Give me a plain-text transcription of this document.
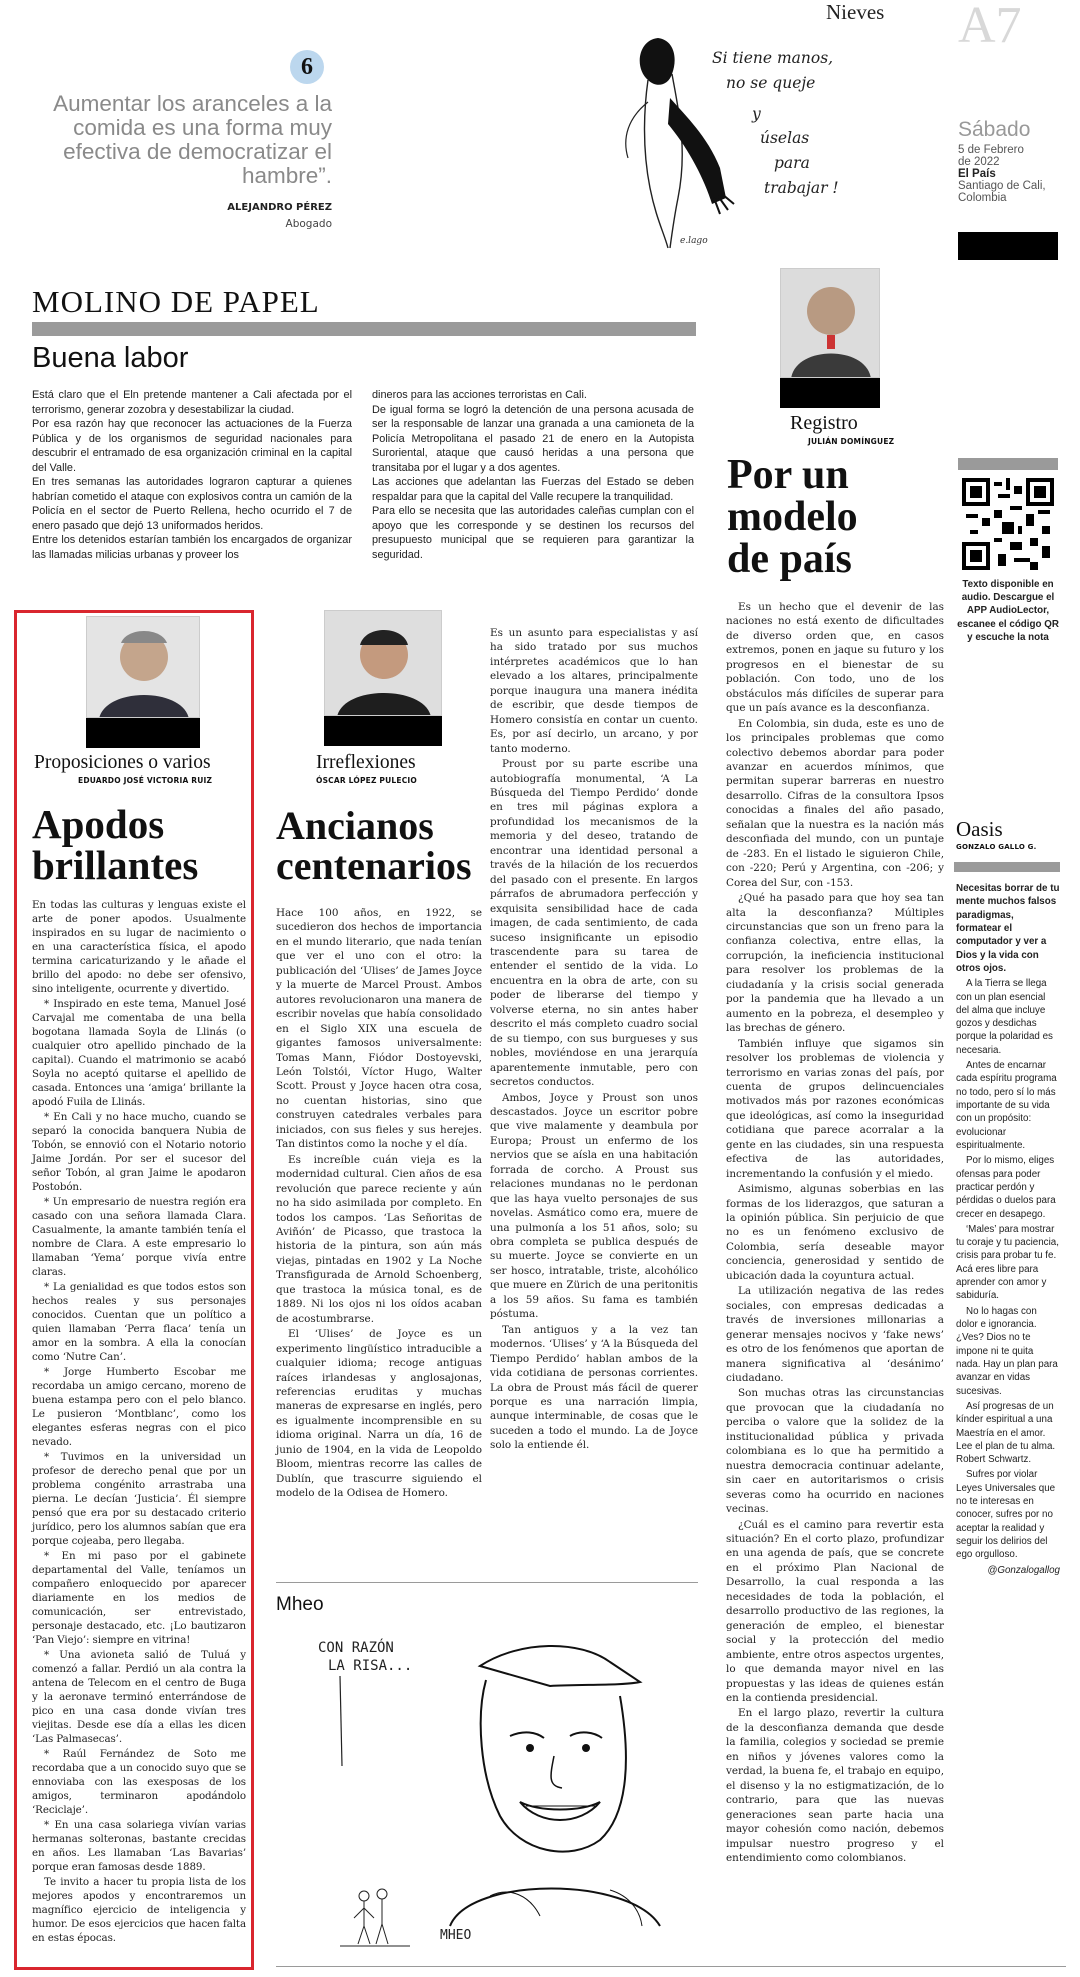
Nieves A7
6
Aumentar los aranceles a la comida es una forma muy efectiva de democratizar el hambre”.
ALEJANDRO PÉREZ
Abogado
Si tiene manos,
no se queje
y
úselas
para
trabajar !
e.lago
Sábado
5 de Febrero
de 2022
El País
Santiago de Cali,
Colombia
MOLINO DE PAPEL
Buena labor
Está claro que el Eln pretende mantener a Cali afectada por el terrorismo, generar zozobra y desestabilizar la ciudad.
Por esa razón hay que reconocer las actuaciones de la Fuerza Pública y de los organismos de seguridad nacionales para descubrir el entramado de esa organización criminal en la capital del Valle.
En tres semanas las autoridades lograron capturar a quienes habrían cometido el ataque con explosivos contra un camión de la Policía en el sector de Puerto Rellena, hecho ocurrido el 7 de enero pasado que dejó 13 uniformados heridos.
Entre los detenidos estarían también los encargados de organizar las llamadas milicias urbanas y proveer los
dineros para las acciones terroristas en Cali.
De igual forma se logró la detención de una persona acusada de ser la responsable de lanzar una granada a una camioneta de la Policía Metropolitana el pasado 21 de enero en la Autopista Suroriental, ataque que causó heridas a una persona que transitaba por el lugar y a dos agentes.
Las acciones que adelantan las Fuerzas del Estado se deben respaldar para que la capital del Valle recupere la tranquilidad.
Para ello se necesita que las autoridades caleñas cumplan con el apoyo que les corresponde y se destinen los recursos del presupuesto municipal que se requieren para garantizar la seguridad.
Registro
JULIÁN DOMÍNGUEZ
Por un modelo de país

Es un hecho que el devenir de las naciones no está exento de dificultades de diverso orden que, en casos extremos, ponen en jaque su futuro y los progresos en el bienestar de su población. Con todo, uno de los obstáculos más difíciles de superar para que un país avance es la desconfianza.

En Colombia, sin duda, este es uno de los principales problemas que como colectivo debemos abordar para poder avanzar en acuerdos mínimos, que permitan superar barreras en nuestro desarrollo. Cifras de la consultora Ipsos conocidas a finales del año pasado, señalan que la nuestra es la nación más desconfiada del mundo, con un puntaje de -283. En el listado le siguieron Chile, con -220; Perú y Argentina, con -206; y Corea del Sur, con -153.

¿Qué ha pasado para que hoy sea tan alta la desconfianza? Múltiples circunstancias que son un freno para la confianza colectiva, entre ellas, la corrupción, la ineficiencia institucional para resolver los problemas de la ciudadanía y la crisis social generada por la pandemia que ha llevado a un aumento en la pobreza, el desempleo y las brechas de género.

También influye que sigamos sin resolver los problemas de violencia y terrorismo en varias zonas del país, por cuenta de grupos delincuenciales motivados más por razones económicas que ideológicas, así como la inseguridad cotidiana que parece acorralar a la gente en las ciudades, sin una respuesta efectiva de las autoridades, incrementando la confusión y el miedo.

Asimismo, algunas soberbias en las formas de los liderazgos, que saturan a la opinión pública. Sin perjuicio de que no es un fenómeno exclusivo de Colombia, sería deseable mayor conciencia, generosidad y sentido de ubicación dada la coyuntura actual.

La utilización negativa de las redes sociales, con empresas dedicadas a través de inversiones millonarias a generar mensajes nocivos y ‘fake news’ es otro de los fenómenos que aportan de manera significativa al ‘desánimo’ ciudadano.

Son muchas otras las circunstancias que provocan que la ciudadanía no perciba o valore que la solidez de la institucionalidad pública y privada colombiana es lo que ha permitido a nuestra democracia continuar adelante, sin caer en autoritarismos o crisis severas como ha ocurrido en naciones vecinas.

¿Cuál es el camino para revertir esta situación? En el corto plazo, profundizar en una agenda de país, que se concrete en el próximo Plan Nacional de Desarrollo, la cual responda a las necesidades de toda la población, el desarrollo productivo de las regiones, la generación de empleo, el bienestar social y la protección del medio ambiente, entre otros aspectos urgentes, lo que demanda mayor nivel en las propuestas y las ideas de quienes están en la contienda presidencial.

En el largo plazo, revertir la cultura de la desconfianza demanda que desde la familia, colegios y sociedad se premie en niños y jóvenes valores como la verdad, la buena fe, el trabajo en equipo, el disenso y la no estigmatización, de lo contrario, para que las nuevas generaciones sean parte hacia una mayor cohesión como nación, debemos impulsar nuestro progreso y el entendimiento como colombianos.

Texto disponible en audio. Descargue el APP AudioLector, escanee el código QR y escuche la nota
Oasis
GONZALO GALLO G.
Necesitas borrar de tu mente muchos falsos paradigmas, formatear el computador y ver a Dios y la vida con otros ojos.
A la Tierra se llega con un plan esencial del alma que incluye gozos y desdichas porque la polaridad es necesaria.
Antes de encarnar cada espíritu programa no todo, pero sí lo más importante de su vida con un propósito: evolucionar espiritualmente.
Por lo mismo, eliges ofensas para poder practicar perdón y pérdidas o duelos para crecer en desapego.
‘Males’ para mostrar tu coraje y tu paciencia, crisis para probar tu fe. Acá eres libre para aprender con amor y sabiduría.
No lo hagas con dolor e ignorancia. ¿Ves? Dios no te impone ni te quita nada. Hay un plan para avanzar en vidas sucesivas.
Así progresas de un kínder espiritual a una Maestría en el amor. Lee el plan de tu alma. Robert Schwartz.
Sufres por violar Leyes Universales que no te interesas en conocer, sufres por no aceptar la realidad y seguir los delirios del ego orgulloso.
@Gonzalogallog
Proposiciones o varios
EDUARDO JOSÉ VICTORIA RUIZ
Apodos
brillantes

En todas las culturas y lenguas existe el arte de poner apodos. Usualmente inspirados en su lugar de nacimiento o en una característica física, el apodo termina caricaturizando y le añade el brillo del apodo: no debe ser ofensivo, sino inteligente, ocurrente y divertido.

* Inspirado en este tema, Manuel José Carvajal me comentaba de una bella bogotana llamada Soyla de Llinás (o cualquier otro apellido pinchado de la capital). Cuando el matrimonio se acabó Soyla no aceptó quitarse el apellido de casada. Entonces una ‘amiga’ brillante la apodó Fuila de Llinás.

* En Cali y no hace mucho, cuando se separó la conocida banquera Nubia de Tobón, se ennovió con el Notario notorio Jaime Jordán. Por ser el sucesor del señor Tobón, al gran Jaime le apodaron Postobón.

* Un empresario de nuestra región era casado con una señora llamada Clara. Casualmente, la amante también tenía el nombre de Clara. A este empresario lo llamaban ‘Yema’ porque vivía entre claras.

* La genialidad es que todos estos son hechos reales y sus personajes conocidos. Cuentan que un político a quien llamaban ‘Perra flaca’ tenía un amor en la sombra. A ella la conocían como ‘Nutre Can’.

* Jorge Humberto Escobar me recordaba un amigo cercano, moreno de buena estampa pero con el pelo blanco. Le pusieron ‘Montblanc’, como los elegantes esferas negras con el pico nevado.

* Tuvimos en la universidad un profesor de derecho penal que por un problema congénito arrastraba una pierna. Le decían ‘Justicia’. Él siempre pensó que era por su destacado criterio jurídico, pero los alumnos sabían que era porque cojeaba, pero llegaba.

* En mi paso por el gabinete departamental del Valle, teníamos un compañero enloquecido por aparecer diariamente en los medios de comunicación, ser entrevistado, personaje destacado, etc. ¡Lo bautizaron ‘Pan Viejo’: siempre en vitrina!

* Una avioneta salió de Tuluá y comenzó a fallar. Perdió un ala contra la antena de Telecom en el centro de Buga y la aeronave terminó enterrándose de pico en una casa donde vivían tres viejitas. Desde ese día a ellas les dicen ‘Las Palmasecas’.

* Raúl Fernández de Soto me recordaba que a un conocido suyo que se ennoviaba con las exesposas de los amigos, terminaron apodándolo ‘Reciclaje’.

* En una casa solariega vivían varias hermanas solteronas, bastante crecidas en años. Les llamaban ‘Las Bavarias’ porque eran famosas desde 1889.

Te invito a hacer tu propia lista de los mejores apodos y encontraremos un magnífico ejercicio de inteligencia y humor. De esos ejercicios que hacen falta en estas épocas.

Irreflexiones
ÓSCAR LÓPEZ PULECIO
Ancianos
centenarios

Hace 100 años, en 1922, se sucedieron dos hechos de importancia en el mundo literario, que nada tenían que ver el uno con el otro: la publicación del ‘Ulises’ de James Joyce y la muerte de Marcel Proust. Ambos autores revolucionaron una manera de escribir novelas que había consolidado en el Siglo XIX una escuela de gigantes famosos universalmente: Tomas Mann, Fiódor Dostoyevski, León Tolstói, Víctor Hugo, Walter Scott. Proust y Joyce hacen otra cosa, no cuentan historias, sino que construyen catedrales verbales para iniciados, con sus fieles y sus herejes. Tan distintos como la noche y el día.

Es increíble cuán vieja es la modernidad cultural. Cien años de esa revolución que parece reciente y aún no ha sido asimilada por completo. En todos los campos. ‘Las Señoritas de Aviñón’ de Picasso, que trastoca la historia de la pintura, son aún más viejas, pintadas en 1902 y La Noche Transfigurada de Arnold Schoenberg, que trastoca la música tonal, es de 1889. Ni los ojos ni los oídos acaban de acostumbrarse.

El ‘Ulises’ de Joyce es un experimento lingüístico intraducible a cualquier idioma; recoge antiguas raíces irlandesas y anglosajonas, referencias eruditas y muchas maneras de expresarse en inglés, pero es igualmente incomprensible en su idioma original. Narra un día, 16 de junio de 1904, en la vida de Leopoldo Bloom, mientras recorre las calles de Dublín, que trascurre siguiendo el modelo de la Odisea de Homero.

Es un asunto para especialistas y así ha sido tratado por sus muchos intérpretes académicos que lo han elevado a los altares, principalmente porque inaugura una manera inédita de escribir, que desde tiempos de Homero consistía en contar un cuento. Es, por así decirlo, un arcano, y por tanto moderno.

Proust por su parte escribe una autobiografía monumental, ‘A La Búsqueda del Tiempo Perdido’ donde en tres mil páginas explora a profundidad los mecanismos de la memoria y del deseo, tratando de encontrar una identidad personal a través de la hilación de los recuerdos del pasado con el presente. En largos párrafos de abrumadora perfección y exquisita sensibilidad hace de cada imagen, de cada sentimiento, de cada suceso insignificante un episodio trascendente para su tarea de entender el sentido de la vida. Lo encuentra en la obra de arte, con su poder de liberarse del tiempo y volverse eterna, no sin antes haber descrito el más completo cuadro social de su tiempo, con sus burgueses y sus nobles, moviéndose en una jerarquía aparentemente inmutable, pero con secretos conductos.

Ambos, Joyce y Proust son unos descastados. Joyce un escritor pobre que vive malamente y deambula por Europa; Proust un enfermo de los nervios que se aísla en una habitación forrada de corcho. A Proust sus relaciones mundanas no le perdonan que las haya vuelto personajes de sus novelas. Asmático como era, muere de una pulmonía a los 51 años, solo; su obra completa se publica después de su muerte. Joyce se convierte en un ser hosco, intratable, triste, alcohólico que muere en Zürich de una peritonitis a los 59 años. Su fama es también póstuma.

Tan antiguos y a la vez tan modernos. ‘Ulises’ y ‘A la Búsqueda del Tiempo Perdido’ hablan ambos de la vida cotidiana de personas corrientes. La obra de Proust más fácil de querer porque es una narración limpia, aunque interminable, de cosas que le suceden a todo el mundo. La de Joyce solo la entiende él.

Mheo
CON RAZÓN
LA RISA...
MHEO
